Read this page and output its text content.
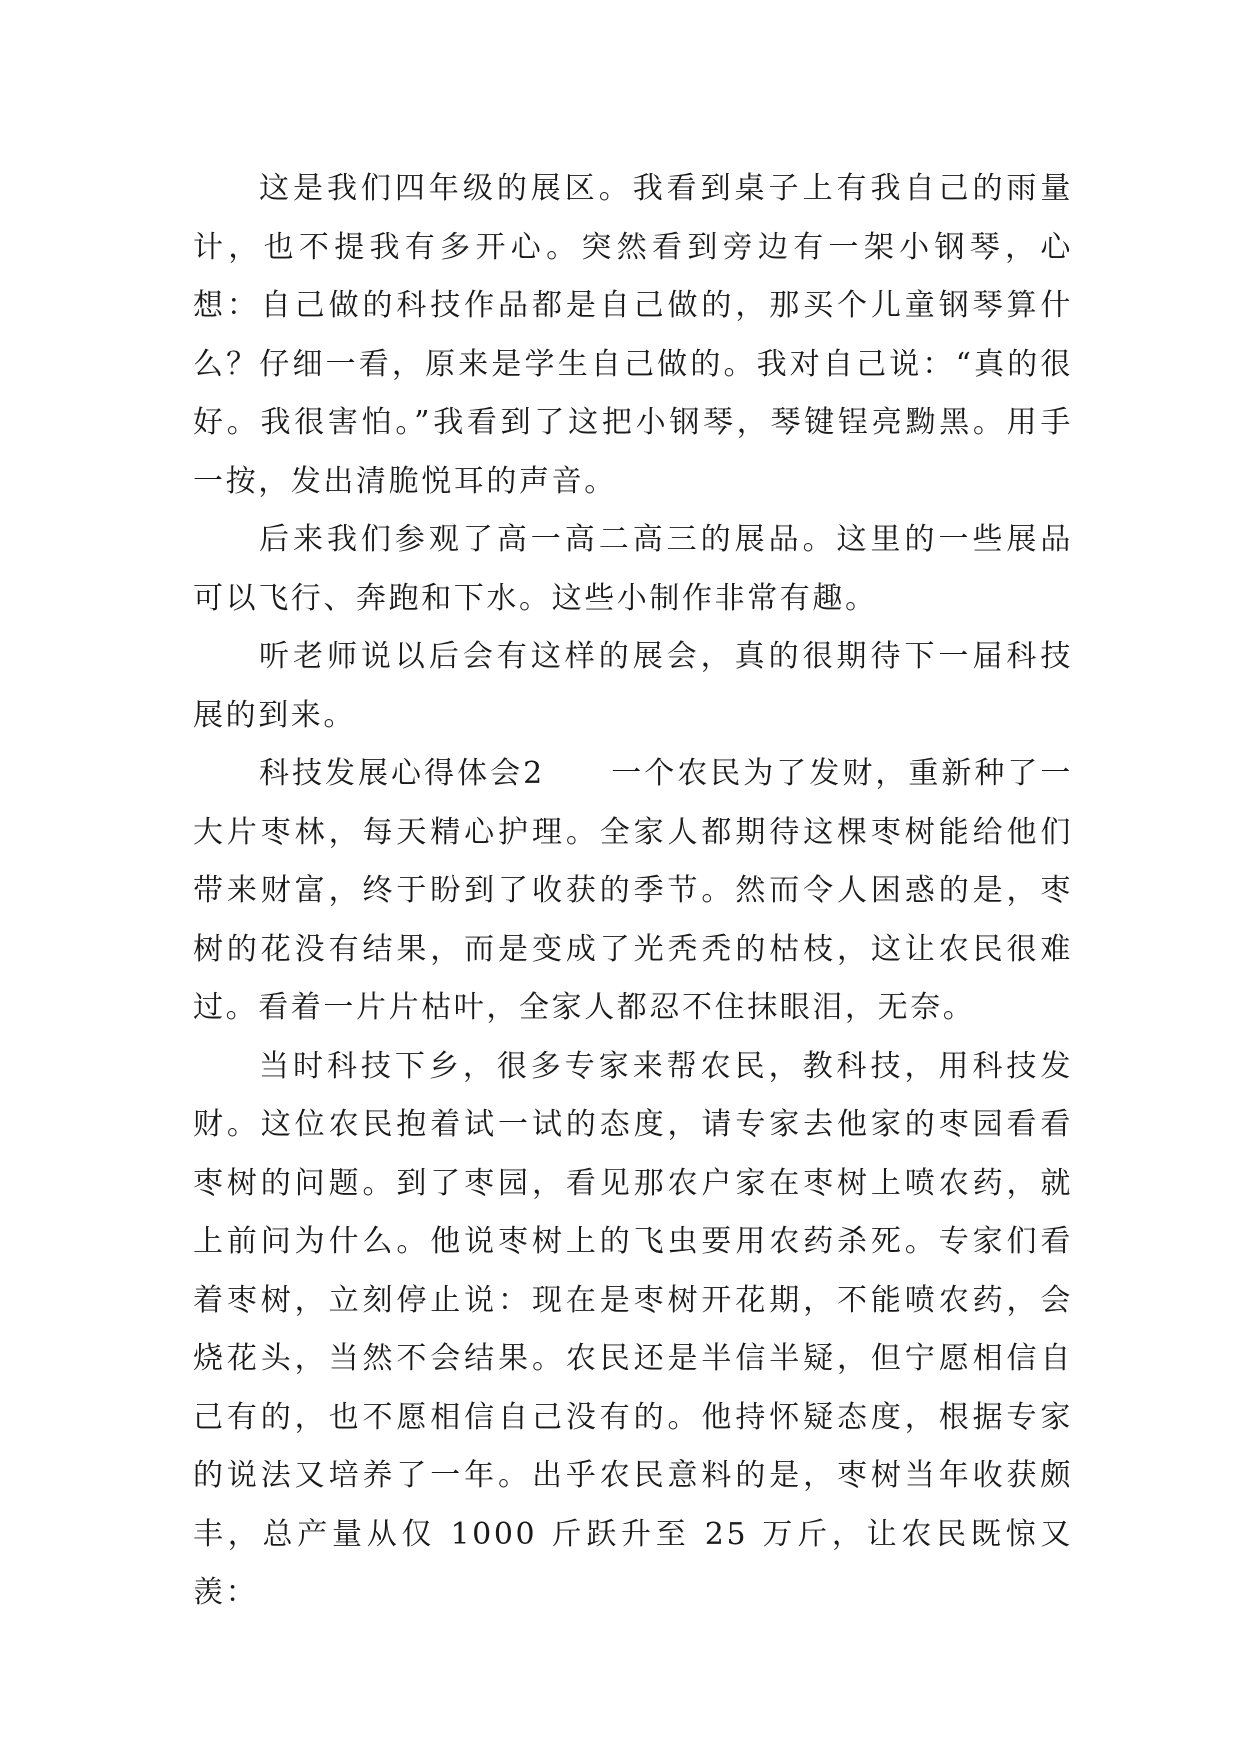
这是我们四年级的展区。我看到桌子上有我自己的雨量计，也不提我有多开心。突然看到旁边有一架小钢琴，心想：自己做的科技作品都是自己做的，那买个儿童钢琴算什么？仔细一看，原来是学生自己做的。我对自己说：“真的很好。我很害怕。”我看到了这把小钢琴，琴键锃亮黝黑。用手一按，发出清脆悦耳的声音。

后来我们参观了高一高二高三的展品。这里的一些展品可以飞行、奔跑和下水。这些小制作非常有趣。

听老师说以后会有这样的展会，真的很期待下一届科技展的到来。

科技发展心得体会2　　一个农民为了发财，重新种了一大片枣林，每天精心护理。全家人都期待这棵枣树能给他们带来财富，终于盼到了收获的季节。然而令人困惑的是，枣树的花没有结果，而是变成了光秃秃的枯枝，这让农民很难过。看着一片片枯叶，全家人都忍不住抹眼泪，无奈。

当时科技下乡，很多专家来帮农民，教科技，用科技发财。这位农民抱着试一试的态度，请专家去他家的枣园看看枣树的问题。到了枣园，看见那农户家在枣树上喷农药，就上前问为什么。他说枣树上的飞虫要用农药杀死。专家们看着枣树，立刻停止说：现在是枣树开花期，不能喷农药，会烧花头，当然不会结果。农民还是半信半疑，但宁愿相信自己有的，也不愿相信自己没有的。他持怀疑态度，根据专家的说法又培养了一年。出乎农民意料的是，枣树当年收获颇丰，总产量从仅 1000 斤跃升至 25 万斤，让农民既惊又羡：
